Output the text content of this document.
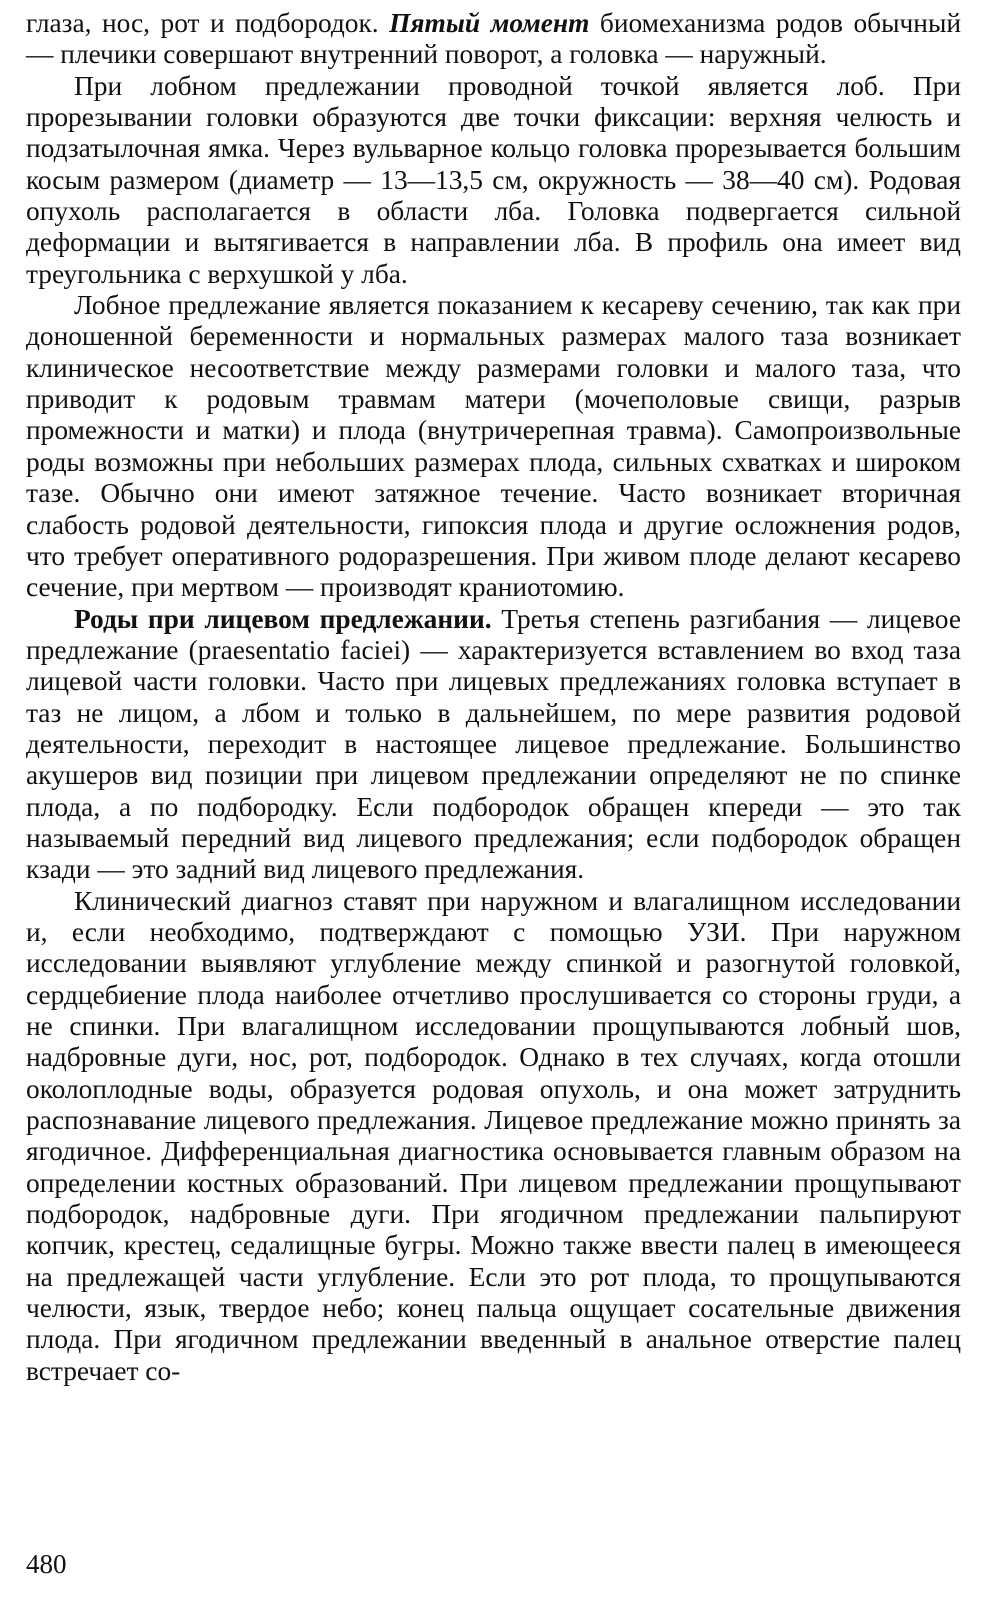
глаза, нос, рот и подбородок. Пятый момент биомеханизма родов обычный — плечики совершают внутренний поворот, а головка — наружный.

При лобном предлежании проводной точкой является лоб. При прорезывании головки образуются две точки фиксации: верхняя челюсть и подзатылочная ямка. Через вульварное кольцо головка прорезывается большим косым размером (диаметр — 13—13,5 см, окружность — 38—40 см). Родовая опухоль располагается в области лба. Головка подвергается сильной деформации и вытягивается в направлении лба. В профиль она имеет вид треугольника с верхушкой у лба.

Лобное предлежание является показанием к кесареву сечению, так как при доношенной беременности и нормальных размерах малого таза возникает клиническое несоответствие между размерами головки и малого таза, что приводит к родовым травмам матери (мочеполовые свищи, разрыв промежности и матки) и плода (внутричерепная травма). Самопроизвольные роды возможны при небольших размерах плода, сильных схватках и широком тазе. Обычно они имеют затяжное течение. Часто возникает вторичная слабость родовой деятельности, гипоксия плода и другие осложнения родов, что требует оперативного родоразрешения. При живом плоде делают кесарево сечение, при мертвом — производят краниотомию.

Роды при лицевом предлежании. Третья степень разгибания — лицевое предлежание (praesentatio faciei) — характеризуется вставлением во вход таза лицевой части головки. Часто при лицевых предлежаниях головка вступает в таз не лицом, а лбом и только в дальнейшем, по мере развития родовой деятельности, переходит в настоящее лицевое предлежание. Большинство акушеров вид позиции при лицевом предлежании определяют не по спинке плода, а по подбородку. Если подбородок обращен кпереди — это так называемый передний вид лицевого предлежания; если подбородок обращен кзади — это задний вид лицевого предлежания.

Клинический диагноз ставят при наружном и влагалищном исследовании и, если необходимо, подтверждают с помощью УЗИ. При наружном исследовании выявляют углубление между спинкой и разогнутой головкой, сердцебиение плода наиболее отчетливо прослушивается со стороны груди, а не спинки. При влагалищном исследовании прощупываются лобный шов, надбровные дуги, нос, рот, подбородок. Однако в тех случаях, когда отошли околоплодные воды, образуется родовая опухоль, и она может затруднить распознавание лицевого предлежания. Лицевое предлежание можно принять за ягодичное. Дифференциальная диагностика основывается главным образом на определении костных образований. При лицевом предлежании прощупывают подбородок, надбровные дуги. При ягодичном предлежании пальпируют копчик, крестец, седалищные бугры. Можно также ввести палец в имеющееся на предлежащей части углубление. Если это рот плода, то прощупываются челюсти, язык, твердое небо; конец пальца ощущает сосательные движения плода. При ягодичном предлежании введенный в анальное отверстие палец встречает со-

480
